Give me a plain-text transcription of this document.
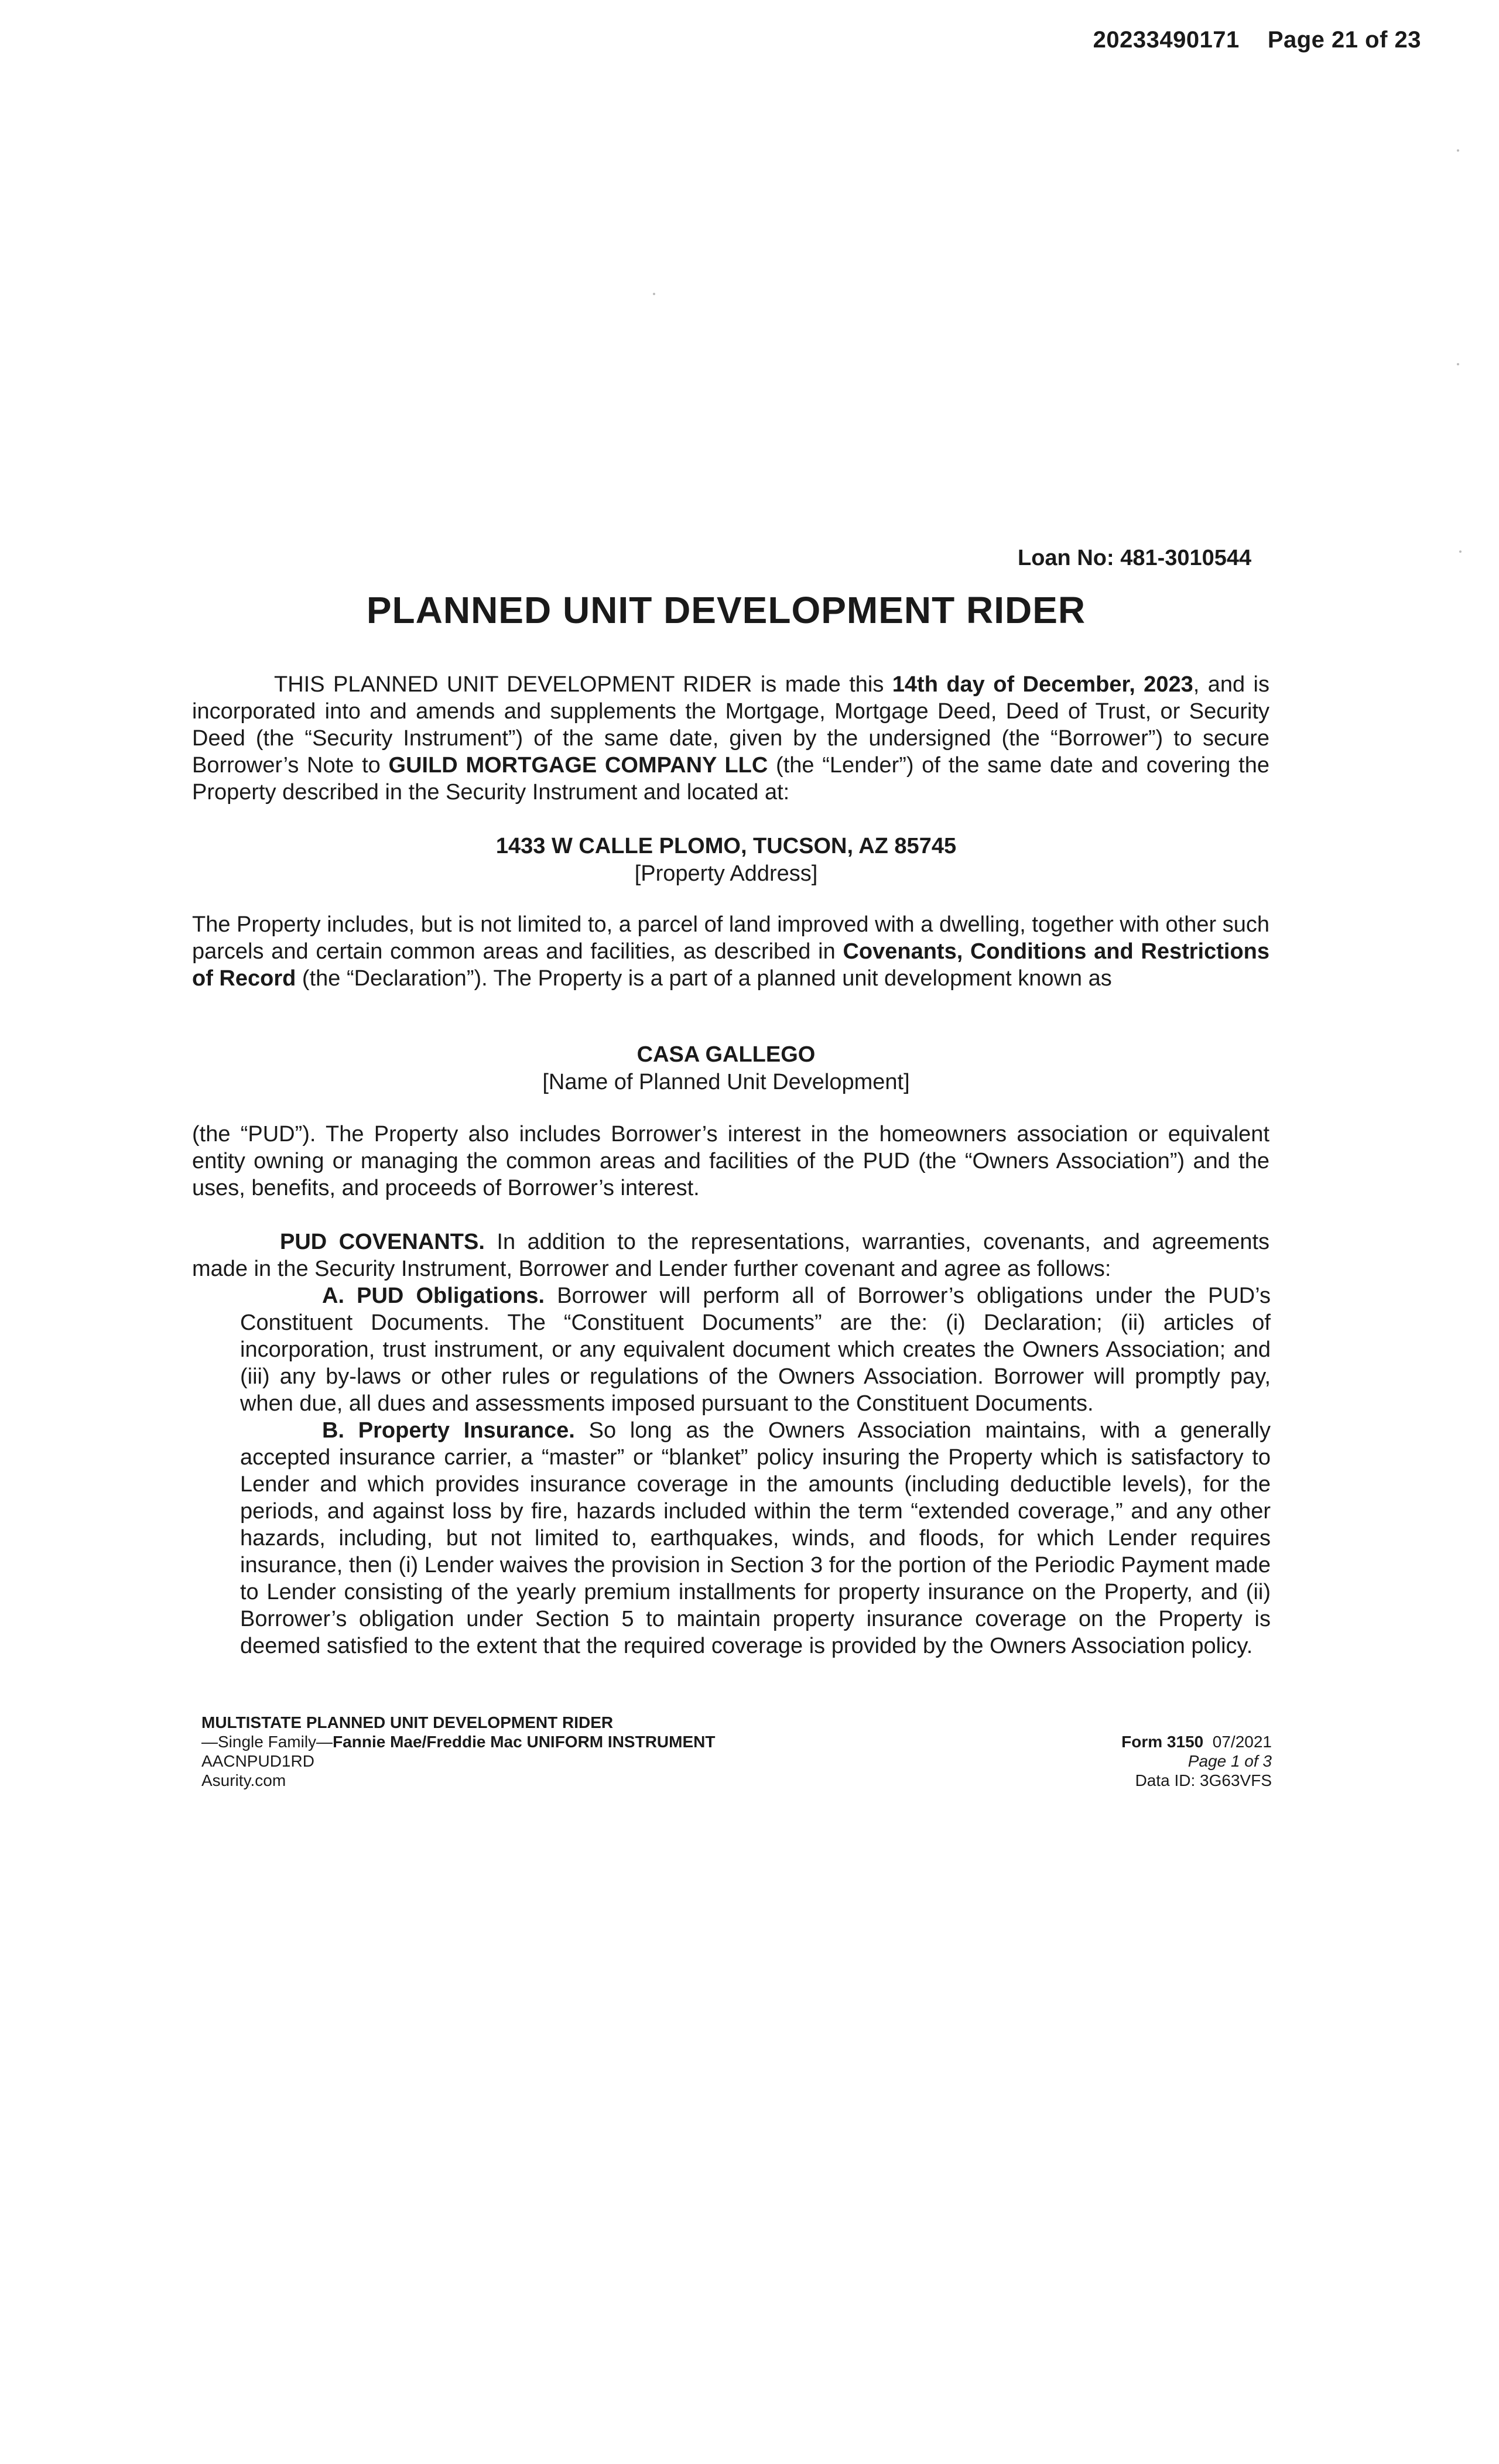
20233490171 Page 21 of 23
Loan No: 481-3010544
PLANNED UNIT DEVELOPMENT RIDER
THIS PLANNED UNIT DEVELOPMENT RIDER is made this 14th day of December, 2023, and is incorporated into and amends and supplements the Mortgage, Mortgage Deed, Deed of Trust, or Security Deed (the “Security Instrument”) of the same date, given by the undersigned (the “Borrower”) to secure Borrower’s Note to GUILD MORTGAGE COMPANY LLC (the “Lender”) of the same date and covering the Property described in the Security Instrument and located at:
1433 W CALLE PLOMO, TUCSON, AZ 85745
[Property Address]
The Property includes, but is not limited to, a parcel of land improved with a dwelling, together with other such parcels and certain common areas and facilities, as described in Covenants, Conditions and Restrictions of Record (the “Declaration”). The Property is a part of a planned unit development known as
CASA GALLEGO
[Name of Planned Unit Development]
(the “PUD”). The Property also includes Borrower’s interest in the homeowners association or equivalent entity owning or managing the common areas and facilities of the PUD (the “Owners Association”) and the uses, benefits, and proceeds of Borrower’s interest.
PUD COVENANTS. In addition to the representations, warranties, covenants, and agreements made in the Security Instrument, Borrower and Lender further covenant and agree as follows:
A. PUD Obligations. Borrower will perform all of Borrower’s obligations under the PUD’s Constituent Documents. The “Constituent Documents” are the: (i) Declaration; (ii) articles of incorporation, trust instrument, or any equivalent document which creates the Owners Association; and (iii) any by-laws or other rules or regulations of the Owners Association. Borrower will promptly pay, when due, all dues and assessments imposed pursuant to the Constituent Documents.
B. Property Insurance. So long as the Owners Association maintains, with a generally accepted insurance carrier, a “master” or “blanket” policy insuring the Property which is satisfactory to Lender and which provides insurance coverage in the amounts (including deductible levels), for the periods, and against loss by fire, hazards included within the term “extended coverage,” and any other hazards, including, but not limited to, earthquakes, winds, and floods, for which Lender requires insurance, then (i) Lender waives the provision in Section 3 for the portion of the Periodic Payment made to Lender consisting of the yearly premium installments for property insurance on the Property, and (ii) Borrower’s obligation under Section 5 to maintain property insurance coverage on the Property is deemed satisfied to the extent that the required coverage is provided by the Owners Association policy.
MULTISTATE PLANNED UNIT DEVELOPMENT RIDER
—Single Family—Fannie Mae/Freddie Mac UNIFORM INSTRUMENT
AACNPUD1RD
Asurity.com
Form 3150 07/2021
Page 1 of 3
Data ID: 3G63VFS
